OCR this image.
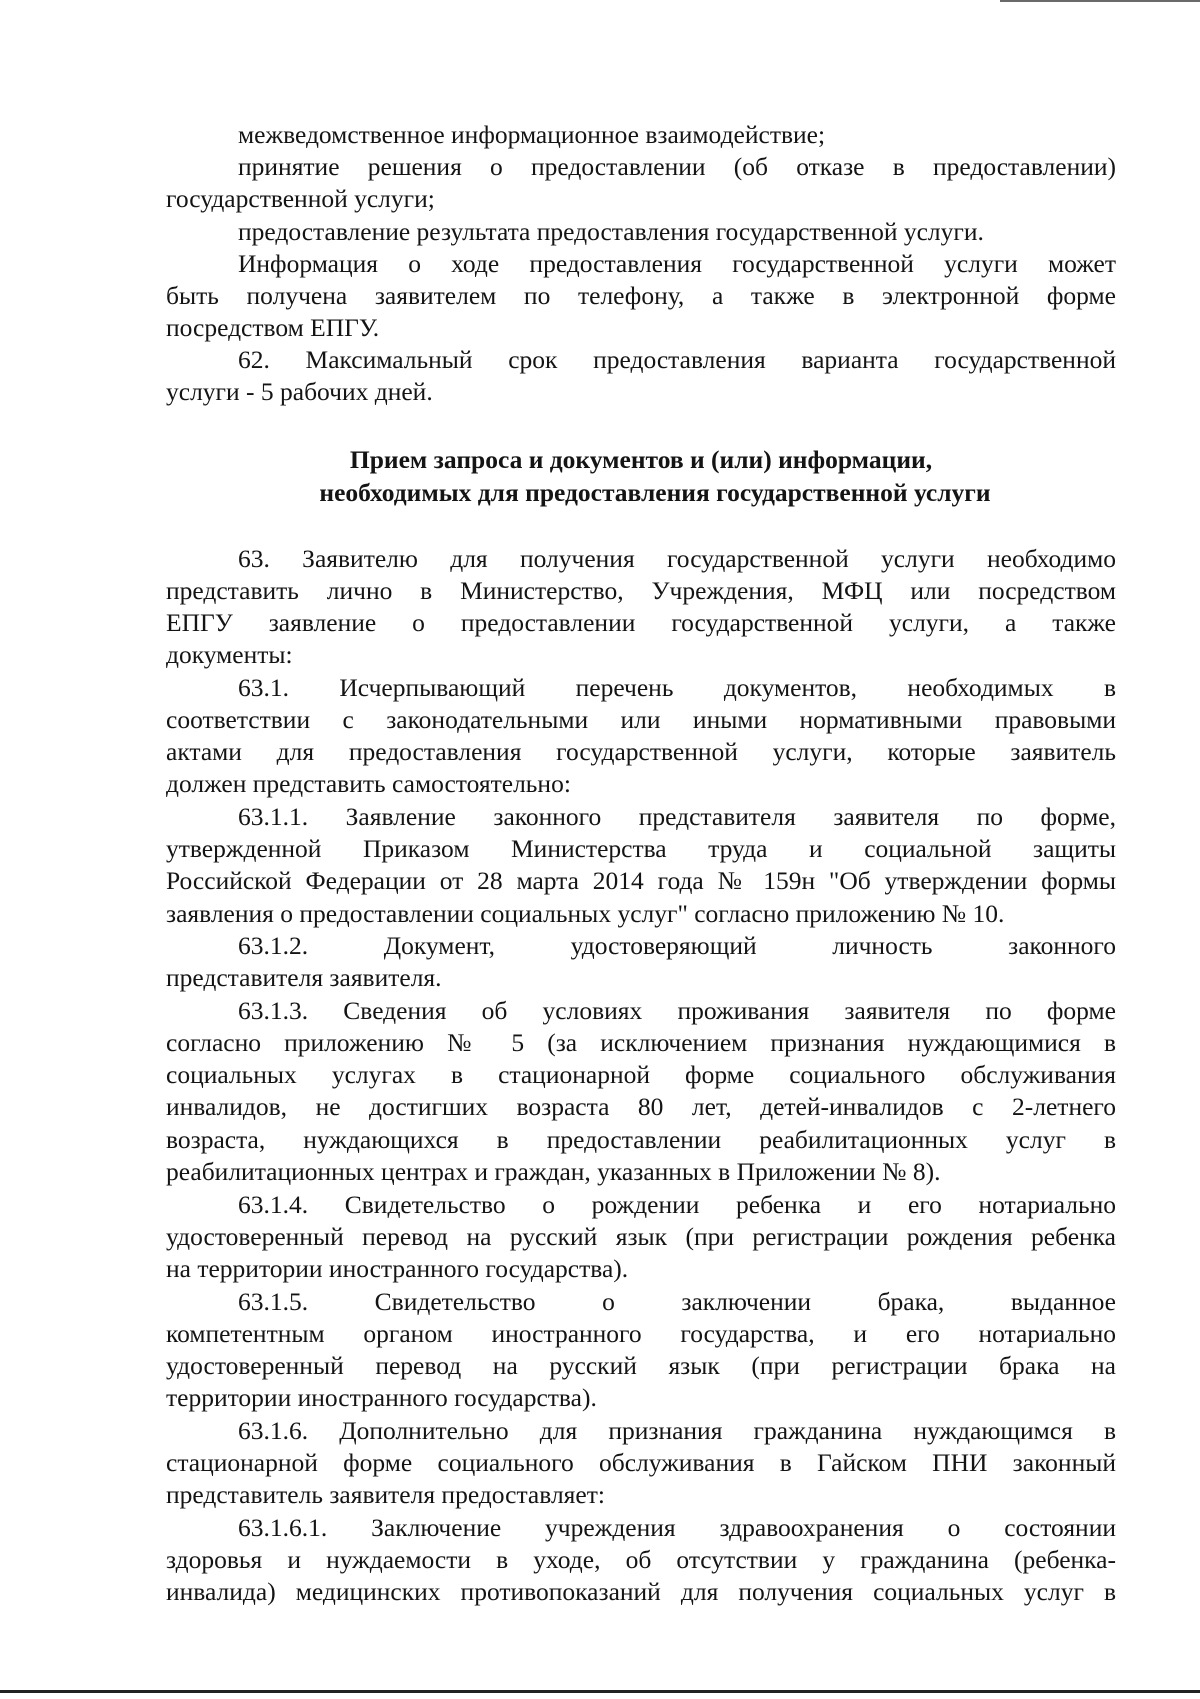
межведомственное информационное взаимодействие;
принятие решения о предоставлении (об отказе в предоставлении)
государственной услуги;
предоставление результата предоставления государственной услуги.
Информация о ходе предоставления государственной услуги может
быть получена заявителем по телефону, а также в электронной форме
посредством ЕПГУ.
62. Максимальный срок предоставления варианта государственной
услуги - 5 рабочих дней.
Прием запроса и документов и (или) информации,
необходимых для предоставления государственной услуги
63. Заявителю для получения государственной услуги необходимо
представить лично в Министерство, Учреждения, МФЦ или посредством
ЕПГУ заявление о предоставлении государственной услуги, а также
документы:
63.1. Исчерпывающий перечень документов, необходимых в
соответствии с законодательными или иными нормативными правовыми
актами для предоставления государственной услуги, которые заявитель
должен представить самостоятельно:
63.1.1. Заявление законного представителя заявителя по форме,
утвержденной Приказом Министерства труда и социальной защиты
Российской Федерации от 28 марта 2014 года № 159н "Об утверждении формы
заявления о предоставлении социальных услуг" согласно приложению № 10.
63.1.2. Документ, удостоверяющий личность законного
представителя заявителя.
63.1.3. Сведения об условиях проживания заявителя по форме
согласно приложению № 5 (за исключением признания нуждающимися в
социальных услугах в стационарной форме социального обслуживания
инвалидов, не достигших возраста 80 лет, детей-инвалидов с 2-летнего
возраста, нуждающихся в предоставлении реабилитационных услуг в
реабилитационных центрах и граждан, указанных в Приложении № 8).
63.1.4. Свидетельство о рождении ребенка и его нотариально
удостоверенный перевод на русский язык (при регистрации рождения ребенка
на территории иностранного государства).
63.1.5. Свидетельство о заключении брака, выданное
компетентным органом иностранного государства, и его нотариально
удостоверенный перевод на русский язык (при регистрации брака на
территории иностранного государства).
63.1.6. Дополнительно для признания гражданина нуждающимся в
стационарной форме социального обслуживания в Гайском ПНИ законный
представитель заявителя предоставляет:
63.1.6.1. Заключение учреждения здравоохранения о состоянии
здоровья и нуждаемости в уходе, об отсутствии у гражданина (ребенка-
инвалида) медицинских противопоказаний для получения социальных услуг в
